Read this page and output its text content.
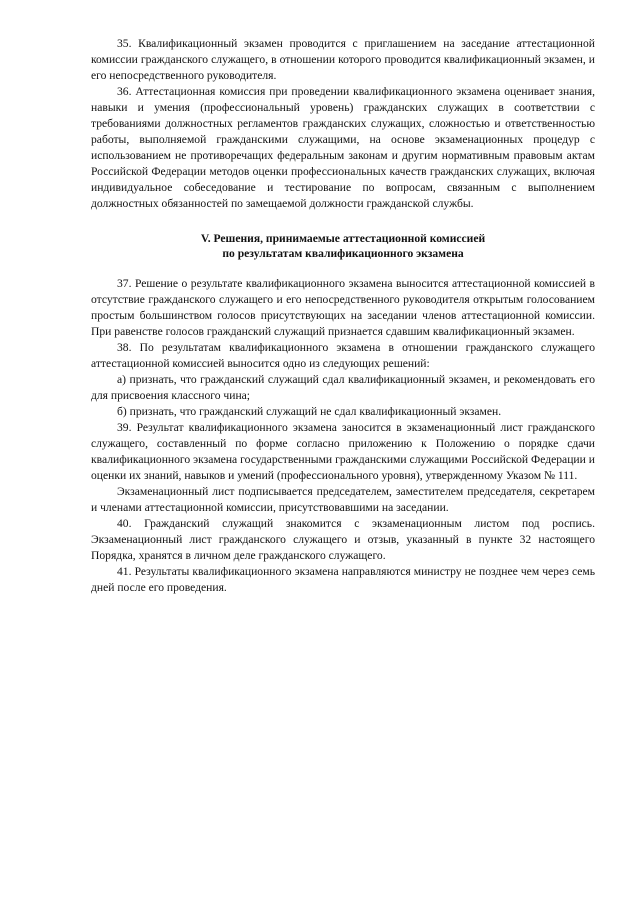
35. Квалификационный экзамен проводится с приглашением на заседание аттестационной комиссии гражданского служащего, в отношении которого проводится квалификационный экзамен, и его непосредственного руководителя.

36. Аттестационная комиссия при проведении квалификационного экзамена оценивает знания, навыки и умения (профессиональный уровень) гражданских служащих в соответствии с требованиями должностных регламентов гражданских служащих, сложностью и ответственностью работы, выполняемой гражданскими служащими, на основе экзаменационных процедур с использованием не противоречащих федеральным законам и другим нормативным правовым актам Российской Федерации методов оценки профессиональных качеств гражданских служащих, включая индивидуальное собеседование и тестирование по вопросам, связанным с выполнением должностных обязанностей по замещаемой должности гражданской службы.

V. Решения, принимаемые аттестационной комиссией
по результатам квалификационного экзамена

37. Решение о результате квалификационного экзамена выносится аттестационной комиссией в отсутствие гражданского служащего и его непосредственного руководителя открытым голосованием простым большинством голосов присутствующих на заседании членов аттестационной комиссии. При равенстве голосов гражданский служащий признается сдавшим квалификационный экзамен.

38. По результатам квалификационного экзамена в отношении гражданского служащего аттестационной комиссией выносится одно из следующих решений:

а) признать, что гражданский служащий сдал квалификационный экзамен, и рекомендовать его для присвоения классного чина;

б) признать, что гражданский служащий не сдал квалификационный экзамен.

39. Результат квалификационного экзамена заносится в экзаменационный лист гражданского служащего, составленный по форме согласно приложению к Положению о порядке сдачи квалификационного экзамена государственными гражданскими служащими Российской Федерации и оценки их знаний, навыков и умений (профессионального уровня), утвержденному Указом № 111.

Экзаменационный лист подписывается председателем, заместителем председателя, секретарем и членами аттестационной комиссии, присутствовавшими на заседании.

40. Гражданский служащий знакомится с экзаменационным листом под роспись. Экзаменационный лист гражданского служащего и отзыв, указанный в пункте 32 настоящего Порядка, хранятся в личном деле гражданского служащего.

41. Результаты квалификационного экзамена направляются министру не позднее чем через семь дней после его проведения.
